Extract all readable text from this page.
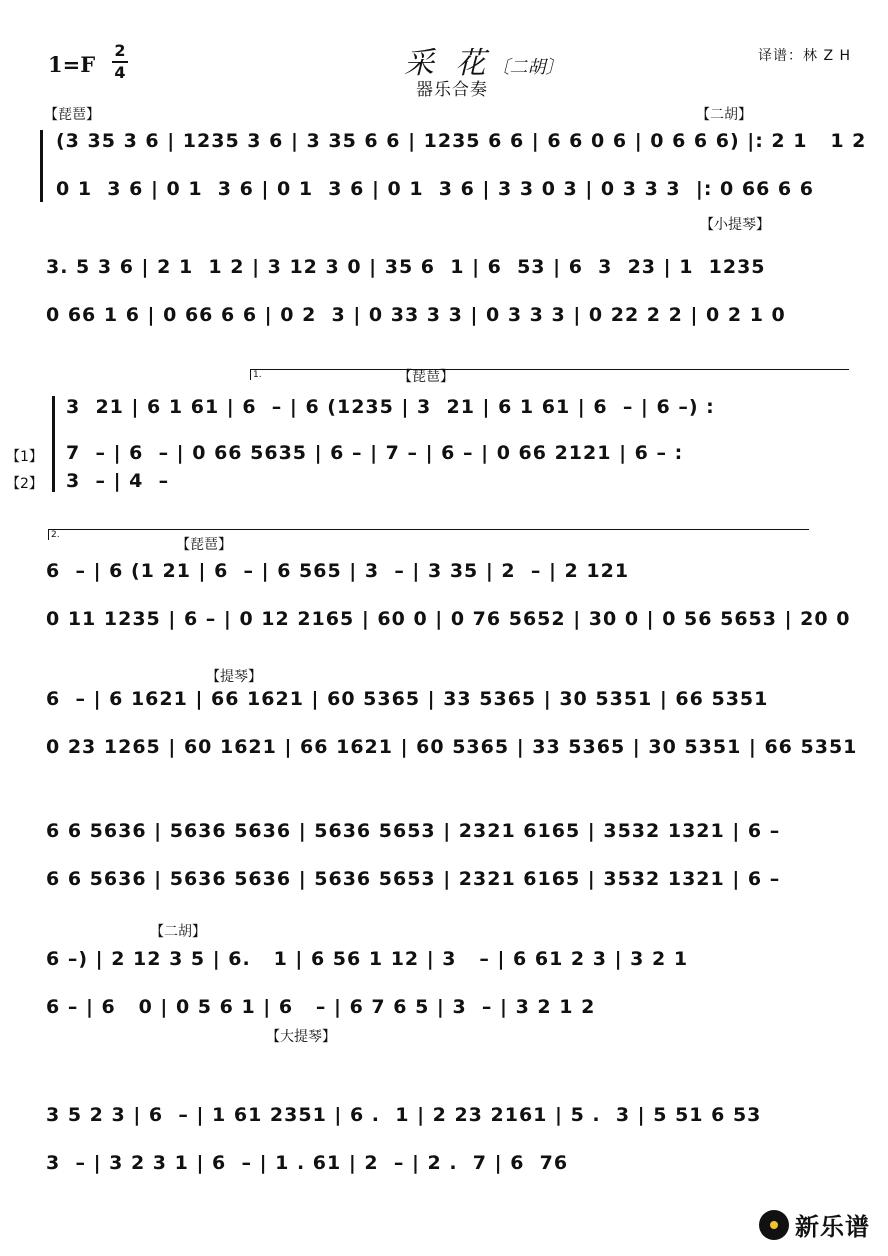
1=F
2
4	采 花〔二胡〕
器乐合奏
译谱：林 Z H
【琵琶】	【二胡】
【小提琴】
【琵琶】
【1】
【2】
【琵琶】
【提琴】
【二胡】
【大提琴】
1.
2.
(3 35 3 6 | 1235 3 6 | 3 35 6 6 | 1235 6 6 | 6 6 0 6 | 0 6 6 6) |: 2 1   1 2
0 1  3 6 | 0 1  3 6 | 0 1  3 6 | 0 1  3 6 | 3 3 0 3 | 0 3 3 3  |: 0 66 6 6
3. 5 3 6 | 2 1  1 2 | 3 12 3 0 | 35 6  1 | 6  53 | 6  3  23 | 1  1235
0 66 1 6 | 0 66 6 6 | 0 2  3 | 0 33 3 3 | 0 3 3 3 | 0 22 2 2 | 0 2 1 0
3  21 | 6 1 61 | 6  – | 6 (1235 | 3  21 | 6 1 61 | 6  – | 6 –) :
7  – | 6  – | 0 66 5635 | 6 – | 7 – | 6 – | 0 66 2121 | 6 – :
3  – | 4  –
6  – | 6 (1 21 | 6  – | 6 565 | 3  – | 3 35 | 2  – | 2 121
0 11 1235 | 6 – | 0 12 2165 | 60 0 | 0 76 5652 | 30 0 | 0 56 5653 | 20 0
6  – | 6 1621 | 66 1621 | 60 5365 | 33 5365 | 30 5351 | 66 5351
0 23 1265 | 60 1621 | 66 1621 | 60 5365 | 33 5365 | 30 5351 | 66 5351
6 6 5636 | 5636 5636 | 5636 5653 | 2321 6165 | 3532 1321 | 6 –
6 6 5636 | 5636 5636 | 5636 5653 | 2321 6165 | 3532 1321 | 6 –
6 –) | 2 12 3 5 | 6.   1 | 6 56 1 12 | 3   – | 6 61 2 3 | 3 2 1
6 – | 6   0 | 0 5 6 1 | 6   – | 6 7 6 5 | 3  – | 3 2 1 2
3 5 2 3 | 6  – | 1 61 2351 | 6 .  1 | 2 23 2161 | 5 .  3 | 5 51 6 53
3  – | 3 2 3 1 | 6  – | 1 . 61 | 2  – | 2 .  7 | 6  76
新乐谱
